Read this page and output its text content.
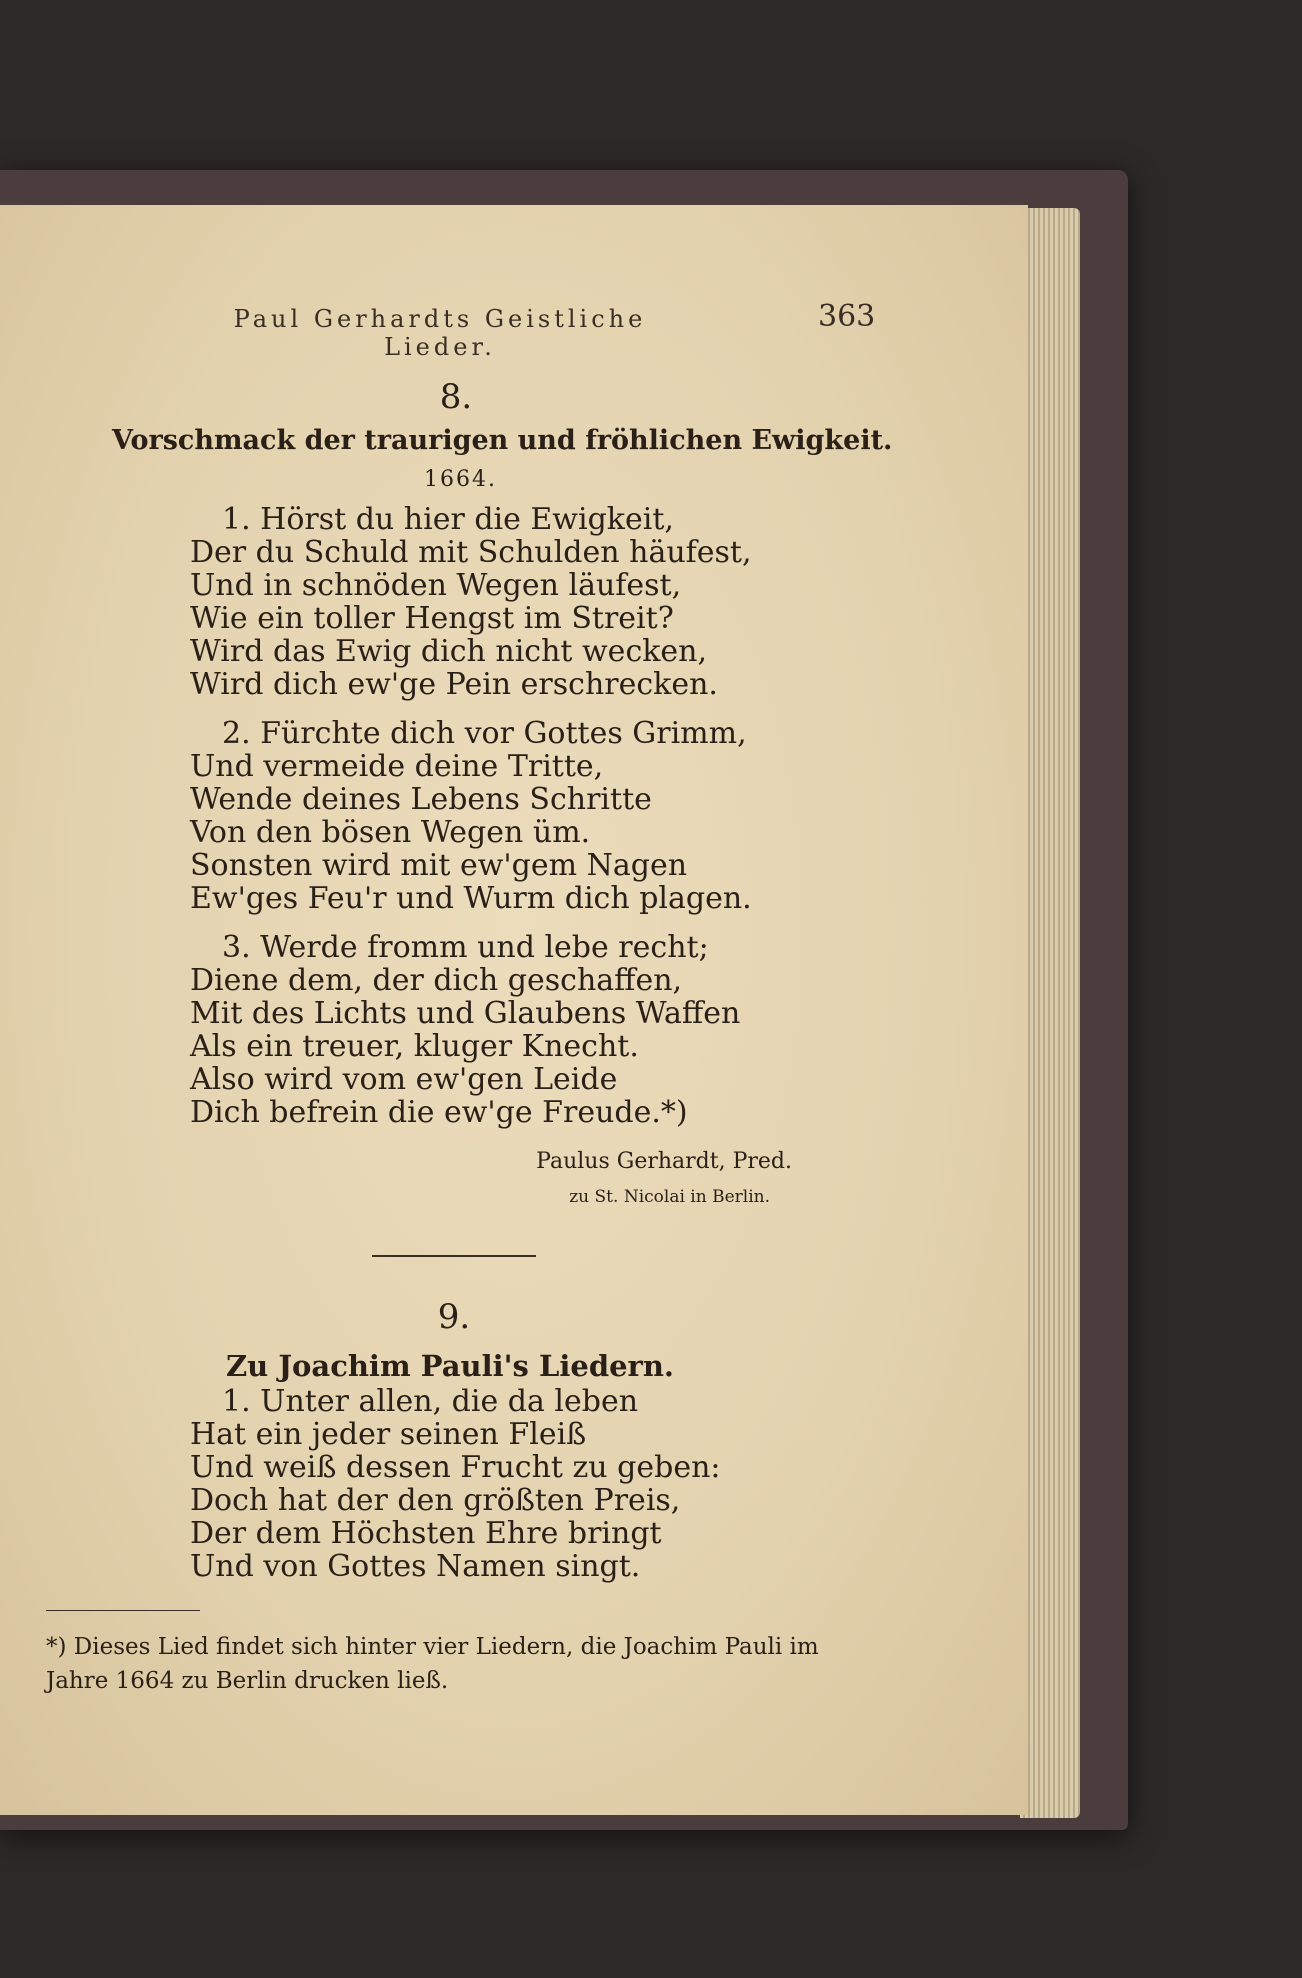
Paul Gerhardts Geistliche Lieder.
363
8.
Vorschmack der traurigen und fröhlichen Ewigkeit.
1664.
1. Hörst du hier die Ewigkeit,
Der du Schuld mit Schulden häufest,
Und in schnöden Wegen läufest,
Wie ein toller Hengst im Streit?
Wird das Ewig dich nicht wecken,
Wird dich ew'ge Pein erschrecken.
2. Fürchte dich vor Gottes Grimm,
Und vermeide deine Tritte,
Wende deines Lebens Schritte
Von den bösen Wegen üm.
Sonsten wird mit ew'gem Nagen
Ew'ges Feu'r und Wurm dich plagen.
3. Werde fromm und lebe recht;
Diene dem, der dich geschaffen,
Mit des Lichts und Glaubens Waffen
Als ein treuer, kluger Knecht.
Also wird vom ew'gen Leide
Dich befrein die ew'ge Freude.*)
Paulus Gerhardt, Pred.
zu St. Nicolai in Berlin.
9.
Zu Joachim Pauli's Liedern.
1. Unter allen, die da leben
Hat ein jeder seinen Fleiß
Und weiß dessen Frucht zu geben:
Doch hat der den größten Preis,
Der dem Höchsten Ehre bringt
Und von Gottes Namen singt.
*) Dieses Lied findet sich hinter vier Liedern, die Joachim Pauli im Jahre 1664 zu Berlin drucken ließ.
